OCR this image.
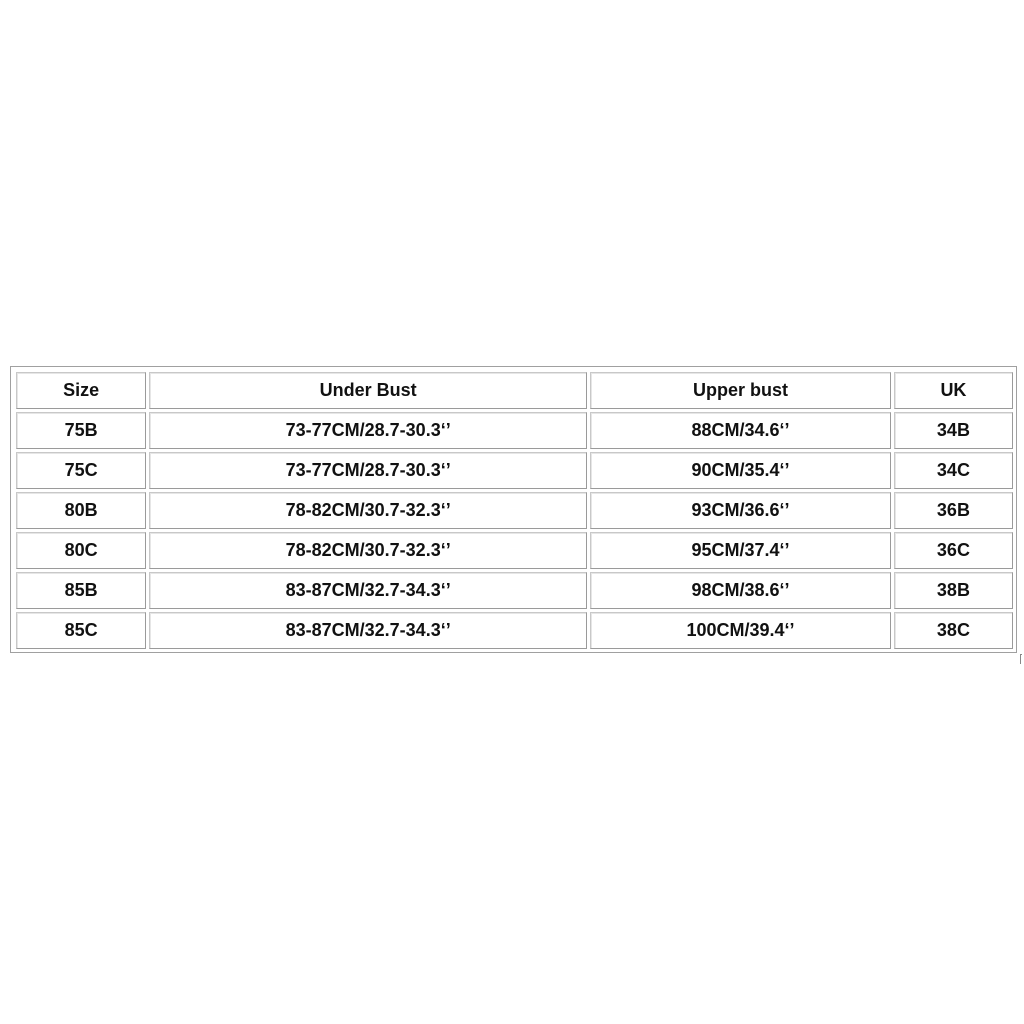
Size	Under Bust	Upper bust	UK
75B	73-77CM/28.7-30.3‘’	88CM/34.6‘’	34B
75C	73-77CM/28.7-30.3‘’	90CM/35.4‘’	34C
80B	78-82CM/30.7-32.3‘’	93CM/36.6‘’	36B
80C	78-82CM/30.7-32.3‘’	95CM/37.4‘’	36C
85B	83-87CM/32.7-34.3‘’	98CM/38.6‘’	38B
85C	83-87CM/32.7-34.3‘’	100CM/39.4‘’	38C
